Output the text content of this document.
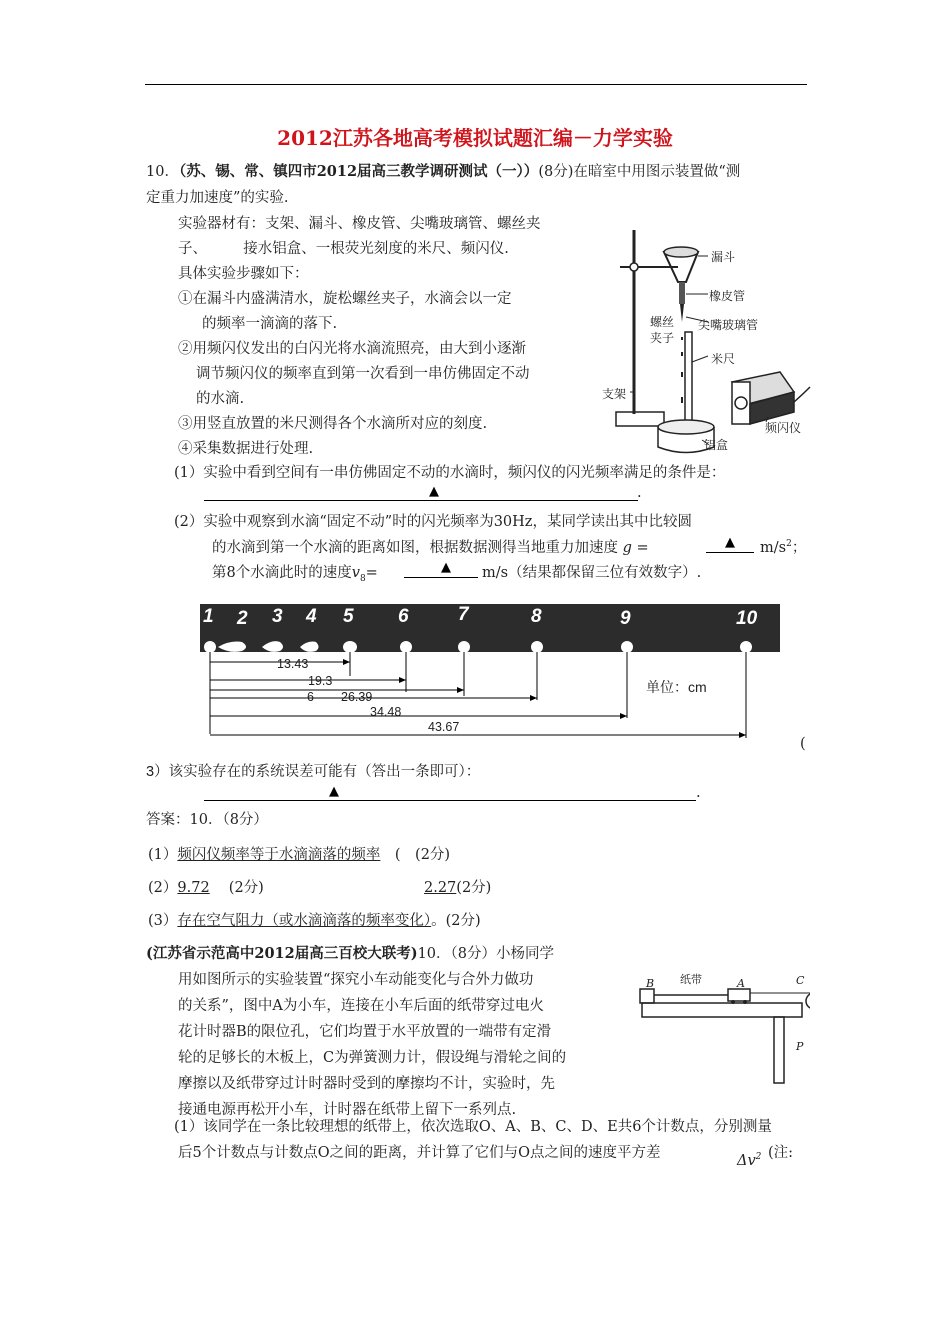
2012江苏各地高考模拟试题汇编－力学实验
10．（苏、锡、常、镇四市2012届高三教学调研测试（一））(8分)在暗室中用图示装置做“测
定重力加速度”的实验.
实验器材有：支架、漏斗、橡皮管、尖嘴玻璃管、螺丝夹
子、　　　接水铝盒、一根荧光刻度的米尺、频闪仪.
具体实验步骤如下：
①在漏斗内盛满清水，旋松螺丝夹子，水滴会以一定
的频率一滴滴的落下.
②用频闪仪发出的白闪光将水滴流照亮，由大到小逐渐
调节频闪仪的频率直到第一次看到一串仿佛固定不动
的水滴.
③用竖直放置的米尺测得各个水滴所对应的刻度.
④采集数据进行处理.
漏斗
橡皮管
螺丝
夹子
尖嘴玻璃管
米尺
支架
频闪仪
铝盒
(1）实验中看到空间有一串仿佛固定不动的水滴时，频闪仪的闪光频率满足的条件是：
▲	.
(2）实验中观察到水滴“固定不动”时的闪光频率为30Hz，某同学读出其中比较圆
的水滴到第一个水滴的距离如图，根据数据测得当地重力加速度 g =	▲ $m/s^2$；
第8个水滴此时的速度$v_8=$	▲ m/s（结果都保留三位有效数字）.
1 2 3 4 5 6	7	8	9	10
13.43
19.3
6 26.39
34.48
43.67
单位：cm
(
3）该实验存在的系统误差可能有（答出一条即可）：
▲	.
答案：10．（8分）
(1）频闪仪频率等于水滴滴落的频率　 (　(2分)
(2）9.72　 (2分)	2.27(2分)
(3）存在空气阻力（或水滴滴落的频率变化）。(2分)
(江苏省示范高中2012届高三百校大联考)10．（8分）小杨同学
用如图所示的实验装置“探究小车动能变化与合外力做功
的关系”，图中A为小车，连接在小车后面的纸带穿过电火
花计时器B的限位孔，它们均置于水平放置的一端带有定滑
轮的足够长的木板上，C为弹簧测力计，假设绳与滑轮之间的
摩擦以及纸带穿过计时器时受到的摩擦均不计，实验时，先
接通电源再松开小车，计时器在纸带上留下一系列点.
纸带	A
B	C
P
(1）该同学在一条比较理想的纸带上，依次选取O、A、B、C、D、E共6个计数点，分别测量
后5个计数点与计数点O之间的距离，并计算了它们与O点之间的速度平方差	$\Delta v^2$ (注:
